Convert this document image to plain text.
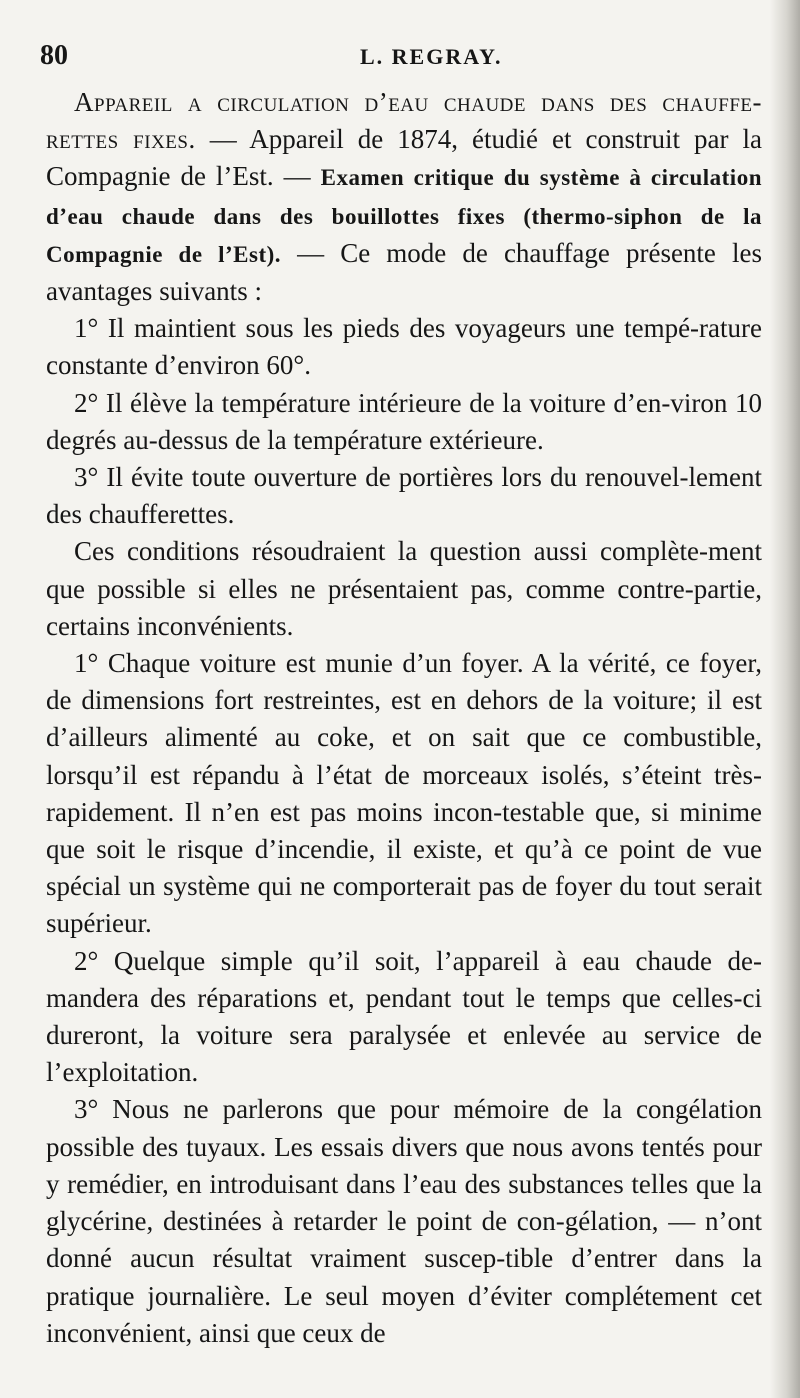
80	L. REGRAY.

Appareil a circulation d’eau chaude dans des chauffe-rettes fixes. — Appareil de 1874, étudié et construit par la Compagnie de l’Est. — Examen critique du système à circulation d’eau chaude dans des bouillottes fixes (thermo-siphon de la Compagnie de l’Est). — Ce mode de chauffage présente les avantages suivants :

1° Il maintient sous les pieds des voyageurs une tempé-rature constante d’environ 60°.

2° Il élève la température intérieure de la voiture d’en-viron 10 degrés au-dessus de la température extérieure.

3° Il évite toute ouverture de portières lors du renouvel-lement des chaufferettes.

Ces conditions résoudraient la question aussi complète-ment que possible si elles ne présentaient pas, comme contre-partie, certains inconvénients.

1° Chaque voiture est munie d’un foyer. A la vérité, ce foyer, de dimensions fort restreintes, est en dehors de la voiture; il est d’ailleurs alimenté au coke, et on sait que ce combustible, lorsqu’il est répandu à l’état de morceaux isolés, s’éteint très-rapidement. Il n’en est pas moins incon-testable que, si minime que soit le risque d’incendie, il existe, et qu’à ce point de vue spécial un système qui ne comporterait pas de foyer du tout serait supérieur.

2° Quelque simple qu’il soit, l’appareil à eau chaude de-mandera des réparations et, pendant tout le temps que celles-ci dureront, la voiture sera paralysée et enlevée au service de l’exploitation.

3° Nous ne parlerons que pour mémoire de la congélation possible des tuyaux. Les essais divers que nous avons tentés pour y remédier, en introduisant dans l’eau des substances telles que la glycérine, destinées à retarder le point de con-gélation, — n’ont donné aucun résultat vraiment suscep-tible d’entrer dans la pratique journalière. Le seul moyen d’éviter complétement cet inconvénient, ainsi que ceux de
